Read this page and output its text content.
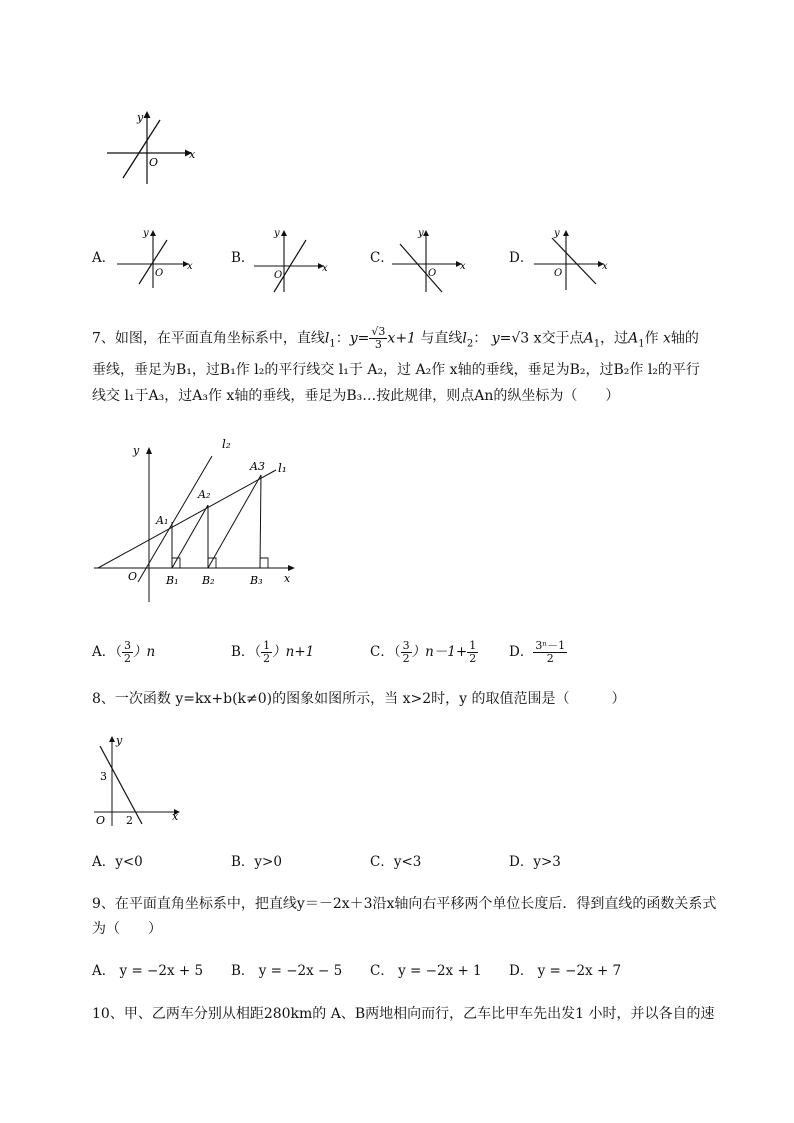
y
x
O
A．
y
x
O
B．
y
x
O
C．
y
x
O
D．
y
x
O
7、如图，在平面直角坐标系中，直线$l_1$：$y= \frac{√3}{3} x+1$ 与直线$l_2$： y=√3 x交于点$A_1$，过$A_1$作 x轴的
垂线，垂足为B₁，过B₁作 l₂的平行线交 l₁于 A₂，过 A₂作 x轴的垂线，垂足为B₂，过B₂作 l₂的平行
线交 l₁于A₃，过A₃作 x轴的垂线，垂足为B₃…按此规律，则点An的纵坐标为（　　）
y	l₂
l₁
A3
A₂
A₁
O	B₁ B₂	B₃ x
A．（ $\frac{3}{2} )n$	B．（ $\frac{1}{2} )n+1$	C．（ $\frac{3}{2} )n-1+ \frac{1}{2}$ D． $\frac{\text{3ⁿ－1}}{2}$
8、一次函数 y=kx+b(k≠0)的图象如图所示，当 x>2时，y 的取值范围是（　　　）
y
3
O 2	x
A．y<0	B．y>0	C．y<3	D．y>3
9、在平面直角坐标系中，把直线y＝－2x＋3沿x轴向右平移两个单位长度后．得到直线的函数关系式
为（　　）
A． y = −2x + 5 B． y = −2x − 5 C． y = −2x + 1 D． y = −2x + 7
10、甲、乙两车分别从相距280km的 A、B两地相向而行，乙车比甲车先出发1 小时，并以各自的速
